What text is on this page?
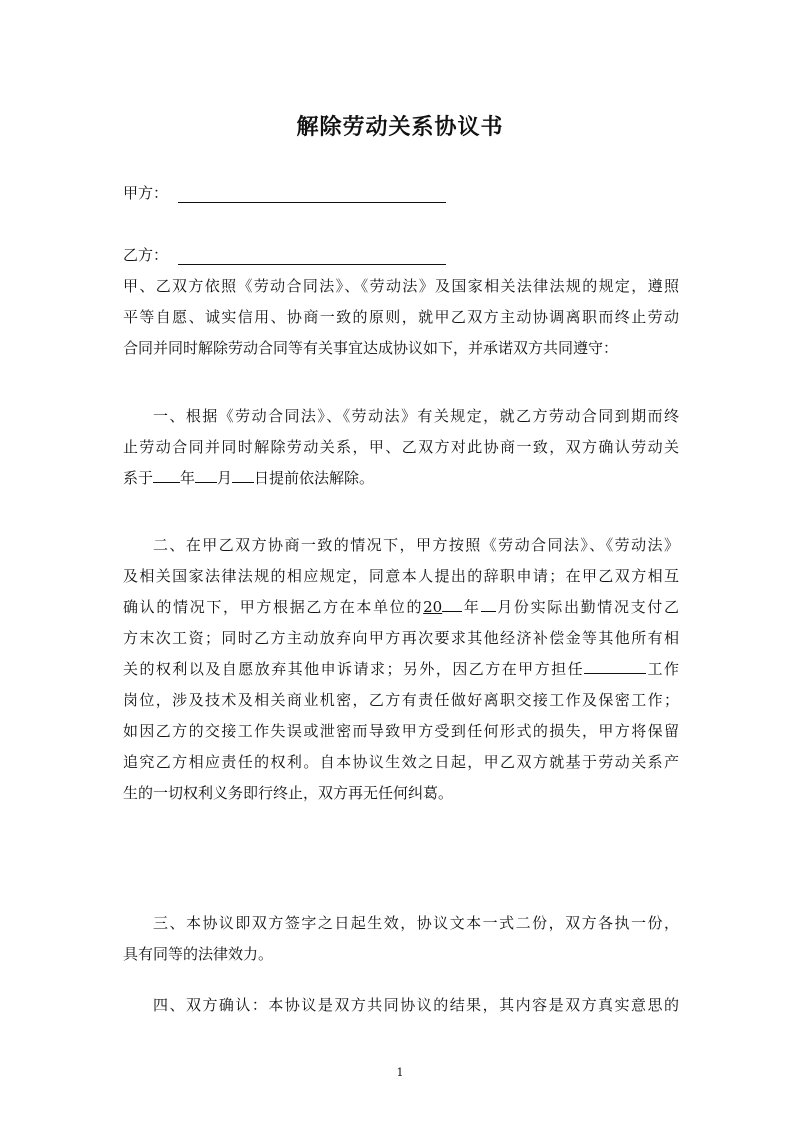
解除劳动关系协议书
甲方：
乙方：

甲、乙双方依照《劳动合同法》、《劳动法》及国家相关法律法规的规定，遵照
平等自愿、诚实信用、协商一致的原则，就甲乙双方主动协调离职而终止劳动
合同并同时解除劳动合同等有关事宜达成协议如下，并承诺双方共同遵守：

一、根据《劳动合同法》、《劳动法》有关规定，就乙方劳动合同到期而终
止劳动合同并同时解除劳动关系，甲、乙双方对此协商一致，双方确认劳动关
系于 年 月 日提前依法解除。

二、在甲乙双方协商一致的情况下，甲方按照《劳动合同法》、《劳动法》
及相关国家法律法规的相应规定，同意本人提出的辞职申请；在甲乙双方相互
确认的情况下，甲方根据乙方在本单位的20 年 月份实际出勤情况支付乙
方末次工资；同时乙方主动放弃向甲方再次要求其他经济补偿金等其他所有相
关的权利以及自愿放弃其他申诉请求；另外，因乙方在甲方担任	工作
岗位，涉及技术及相关商业机密，乙方有责任做好离职交接工作及保密工作；
如因乙方的交接工作失误或泄密而导致甲方受到任何形式的损失，甲方将保留
追究乙方相应责任的权利。自本协议生效之日起，甲乙双方就基于劳动关系产
生的一切权利义务即行终止，双方再无任何纠葛。

三、本协议即双方签字之日起生效，协议文本一式二份，双方各执一份，
具有同等的法律效力。

四、双方确认：本协议是双方共同协议的结果，其内容是双方真实意思的

1
